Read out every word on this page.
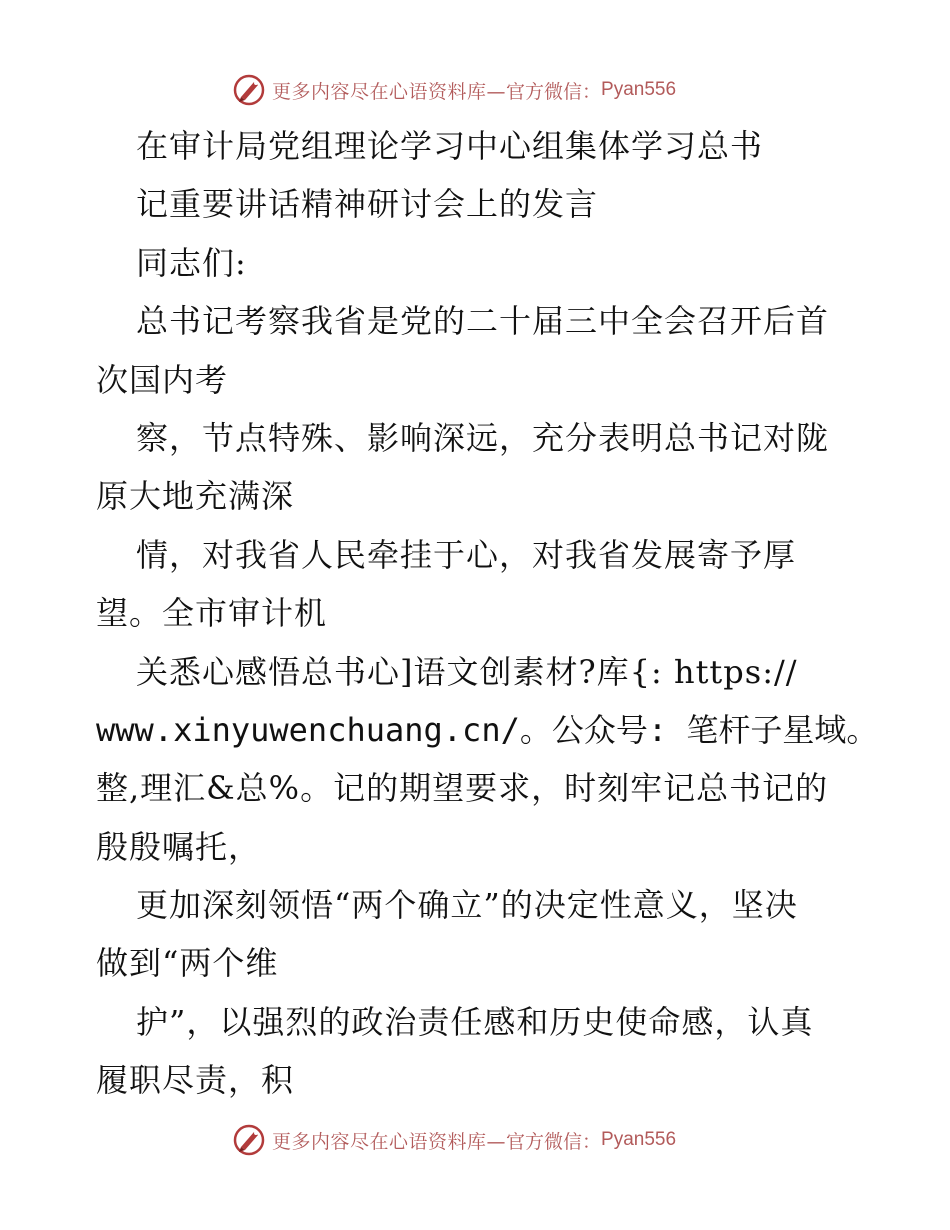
更多内容尽在心语资料库— 官方微信： Pyan556
在审计局党组理论学习中心组集体学习总书
记重要讲话精神研讨会上的发言
同志们:
总书记考察我省是党的二十届三中全会召开后首
次国内考
察，节点特殊、影响深远，充分表明总书记对陇
原大地充满深
情，对我省人民牵挂于心，对我省发展寄予厚
望。全市审计机
关悉心感悟总书心]语文创素材?库{: https://
www.xinyuwenchuang.cn/。公众号: 笔杆子星域。
整,理汇&总%。记的期望要求，时刻牢记总书记的
殷殷嘱托，
更加深刻领悟“两个确立”的决定性意义，坚决
做到“两个维
护”，以强烈的政治责任感和历史使命感，认真
履职尽责，积
更多内容尽在心语资料库— 官方微信： Pyan556
